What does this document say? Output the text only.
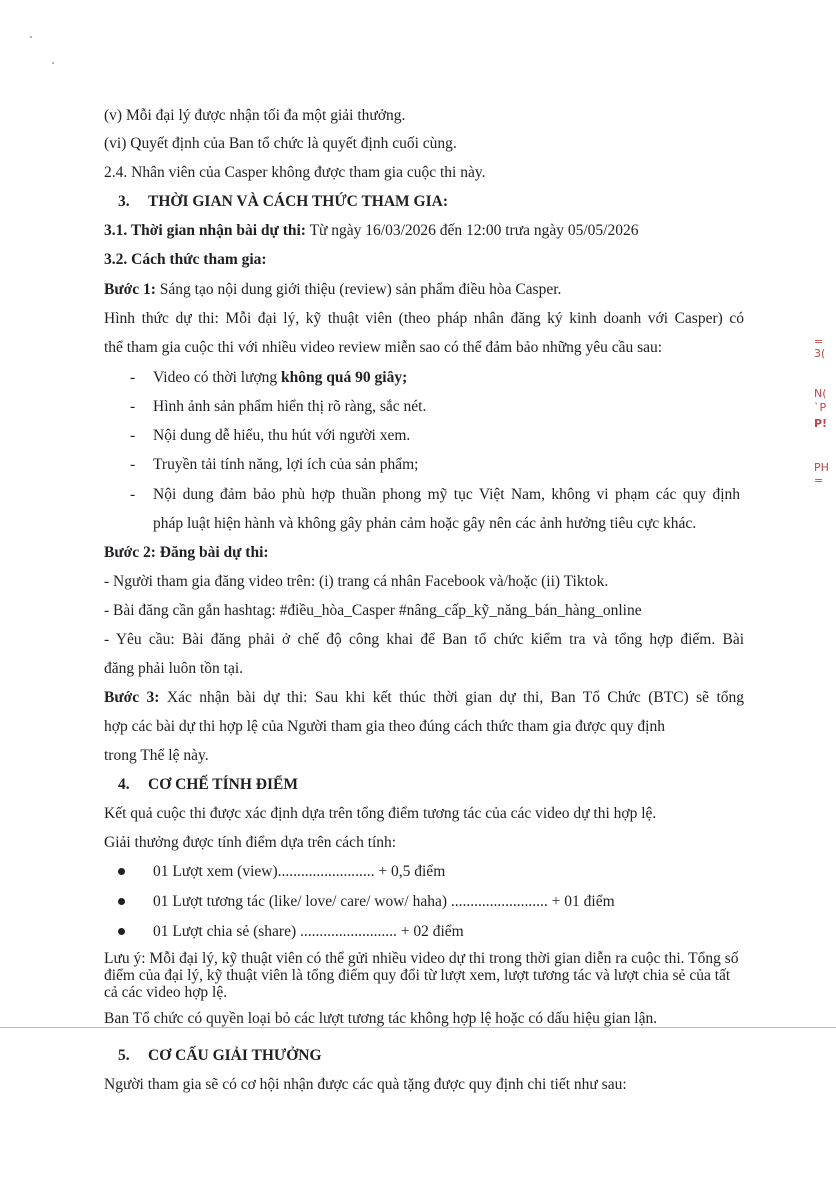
(v) Mỗi đại lý được nhận tối đa một giải thưởng.
(vi) Quyết định của Ban tổ chức là quyết định cuối cùng.
2.4. Nhân viên của Casper không được tham gia cuộc thi này.
3. THỜI GIAN VÀ CÁCH THỨC THAM GIA:
3.1. Thời gian nhận bài dự thi: Từ ngày 16/03/2026 đến 12:00 trưa ngày 05/05/2026
3.2. Cách thức tham gia:
Bước 1: Sáng tạo nội dung giới thiệu (review) sản phẩm điều hòa Casper.
Hình thức dự thi: Mỗi đại lý, kỹ thuật viên (theo pháp nhân đăng ký kinh doanh với Casper) có
thể tham gia cuộc thi với nhiều video review miễn sao có thể đảm bảo những yêu cầu sau:
- Video có thời lượng không quá 90 giây;
- Hình ảnh sản phẩm hiển thị rõ ràng, sắc nét.
- Nội dung dễ hiểu, thu hút với người xem.
- Truyền tải tính năng, lợi ích của sản phẩm;
- Nội dung đảm bảo phù hợp thuần phong mỹ tục Việt Nam, không vi phạm các quy định
pháp luật hiện hành và không gây phản cảm hoặc gây nên các ảnh hưởng tiêu cực khác.
Bước 2: Đăng bài dự thi:
- Người tham gia đăng video trên: (i) trang cá nhân Facebook và/hoặc (ii) Tiktok.
- Bài đăng cần gắn hashtag: #điều_hòa_Casper #nâng_cấp_kỹ_năng_bán_hàng_online
- Yêu cầu: Bài đăng phải ở chế độ công khai để Ban tổ chức kiểm tra và tổng hợp điểm. Bài
đăng phải luôn tồn tại.
Bước 3: Xác nhận bài dự thi: Sau khi kết thúc thời gian dự thi, Ban Tổ Chức (BTC) sẽ tổng
hợp các bài dự thi hợp lệ của Người tham gia theo đúng cách thức tham gia được quy định
trong Thể lệ này.
4. CƠ CHẾ TÍNH ĐIỂM
Kết quả cuộc thi được xác định dựa trên tổng điểm tương tác của các video dự thi hợp lệ.
Giải thưởng được tính điểm dựa trên cách tính:
01 Lượt xem (view)......................... + 0,5 điểm
01 Lượt tương tác (like/ love/ care/ wow/ haha) ......................... + 01 điểm
01 Lượt chia sẻ (share) ......................... + 02 điểm
Lưu ý: Mỗi đại lý, kỹ thuật viên có thể gửi nhiều video dự thi trong thời gian diễn ra cuộc thi. Tổng số điểm của đại lý, kỹ thuật viên là tổng điểm quy đổi từ lượt xem, lượt tương tác và lượt chia sẻ của tất cả các video hợp lệ.
Ban Tổ chức có quyền loại bỏ các lượt tương tác không hợp lệ hoặc có dấu hiệu gian lận.
5. CƠ CẤU GIẢI THƯỞNG
Người tham gia sẽ có cơ hội nhận được các quà tặng được quy định chi tiết như sau:
=
3(
N(
`P
P!
PH
=
